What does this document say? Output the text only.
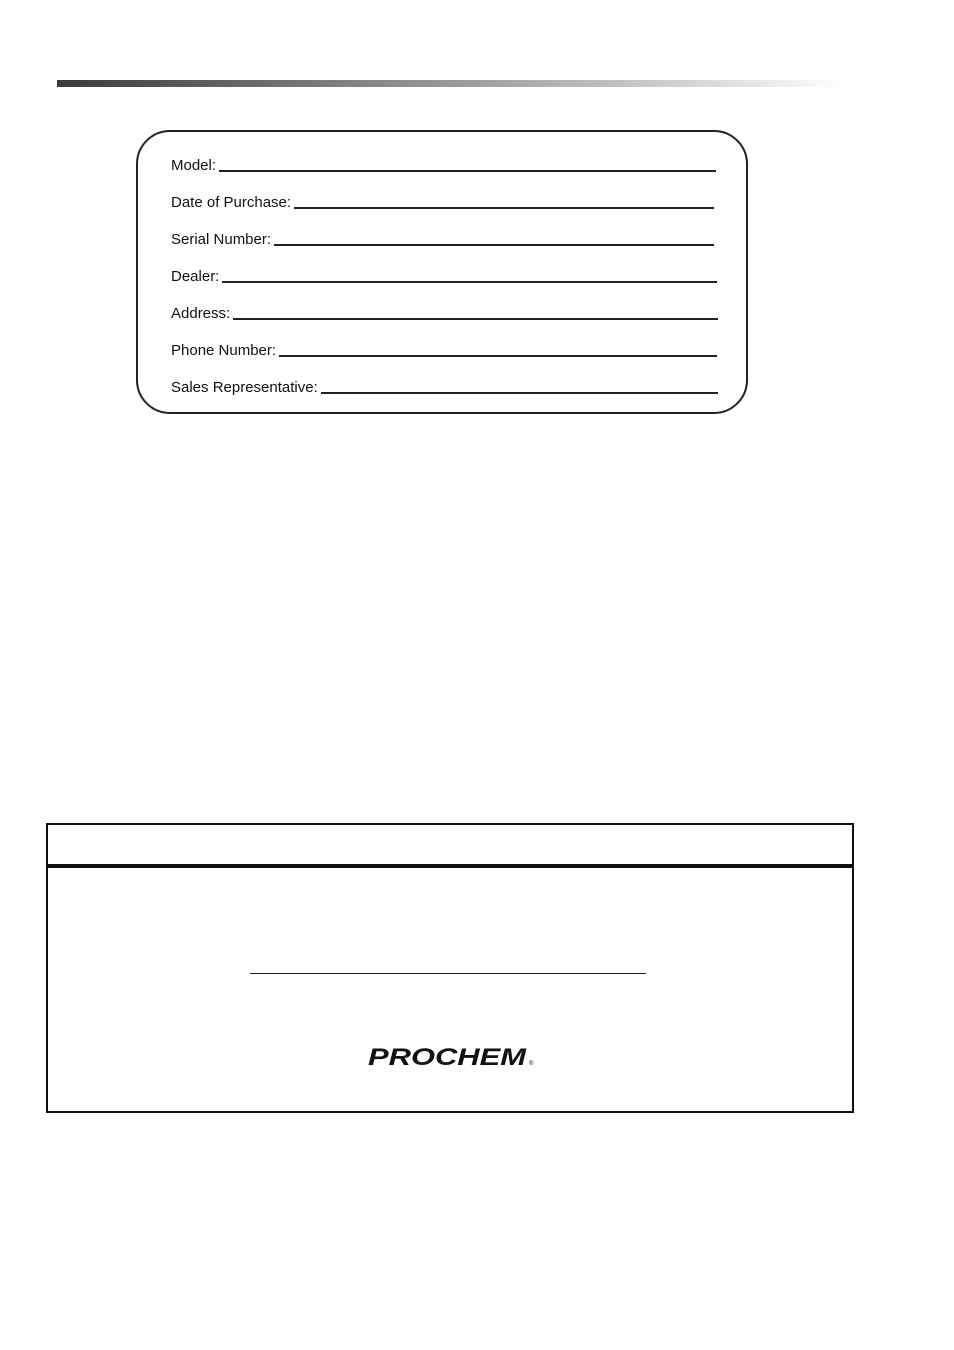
Model:
Date of Purchase:
Serial Number:
Dealer:
Address:
Phone Number:
Sales Representative:
PROCHEM ®
